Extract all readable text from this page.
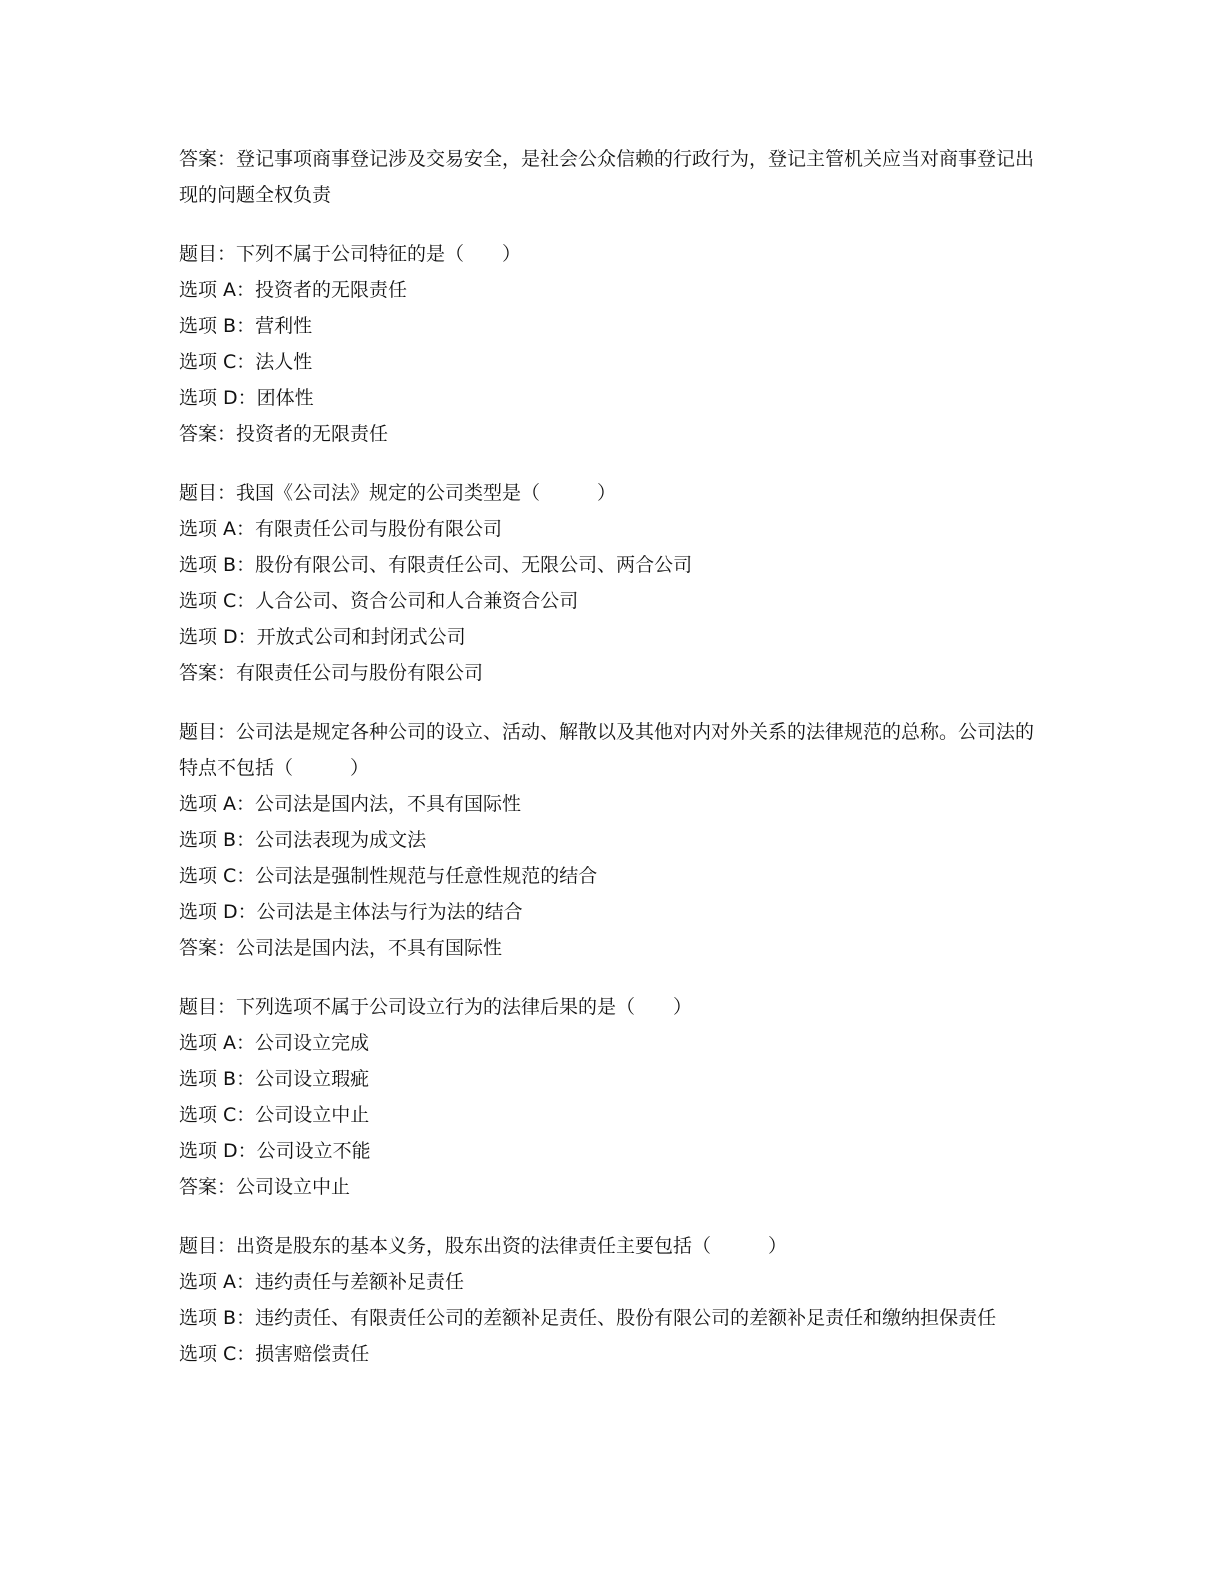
答案：登记事项商事登记涉及交易安全，是社会公众信赖的行政行为，登记主管机关应当对商事登记出现的问题全权负责

题目：下列不属于公司特征的是（　　）

选项 A：投资者的无限责任

选项 B：营利性

选项 C：法人性

选项 D：团体性

答案：投资者的无限责任

题目：我国《公司法》规定的公司类型是（　　　）

选项 A：有限责任公司与股份有限公司

选项 B：股份有限公司、有限责任公司、无限公司、两合公司

选项 C：人合公司、资合公司和人合兼资合公司

选项 D：开放式公司和封闭式公司

答案：有限责任公司与股份有限公司

题目：公司法是规定各种公司的设立、活动、解散以及其他对内对外关系的法律规范的总称。公司法的特点不包括（　　　）

选项 A：公司法是国内法，不具有国际性

选项 B：公司法表现为成文法

选项 C：公司法是强制性规范与任意性规范的结合

选项 D：公司法是主体法与行为法的结合

答案：公司法是国内法，不具有国际性

题目：下列选项不属于公司设立行为的法律后果的是（　　）

选项 A：公司设立完成

选项 B：公司设立瑕疵

选项 C：公司设立中止

选项 D：公司设立不能

答案：公司设立中止

题目：出资是股东的基本义务，股东出资的法律责任主要包括（　　　）

选项 A：违约责任与差额补足责任

选项 B：违约责任、有限责任公司的差额补足责任、股份有限公司的差额补足责任和缴纳担保责任

选项 C：损害赔偿责任
